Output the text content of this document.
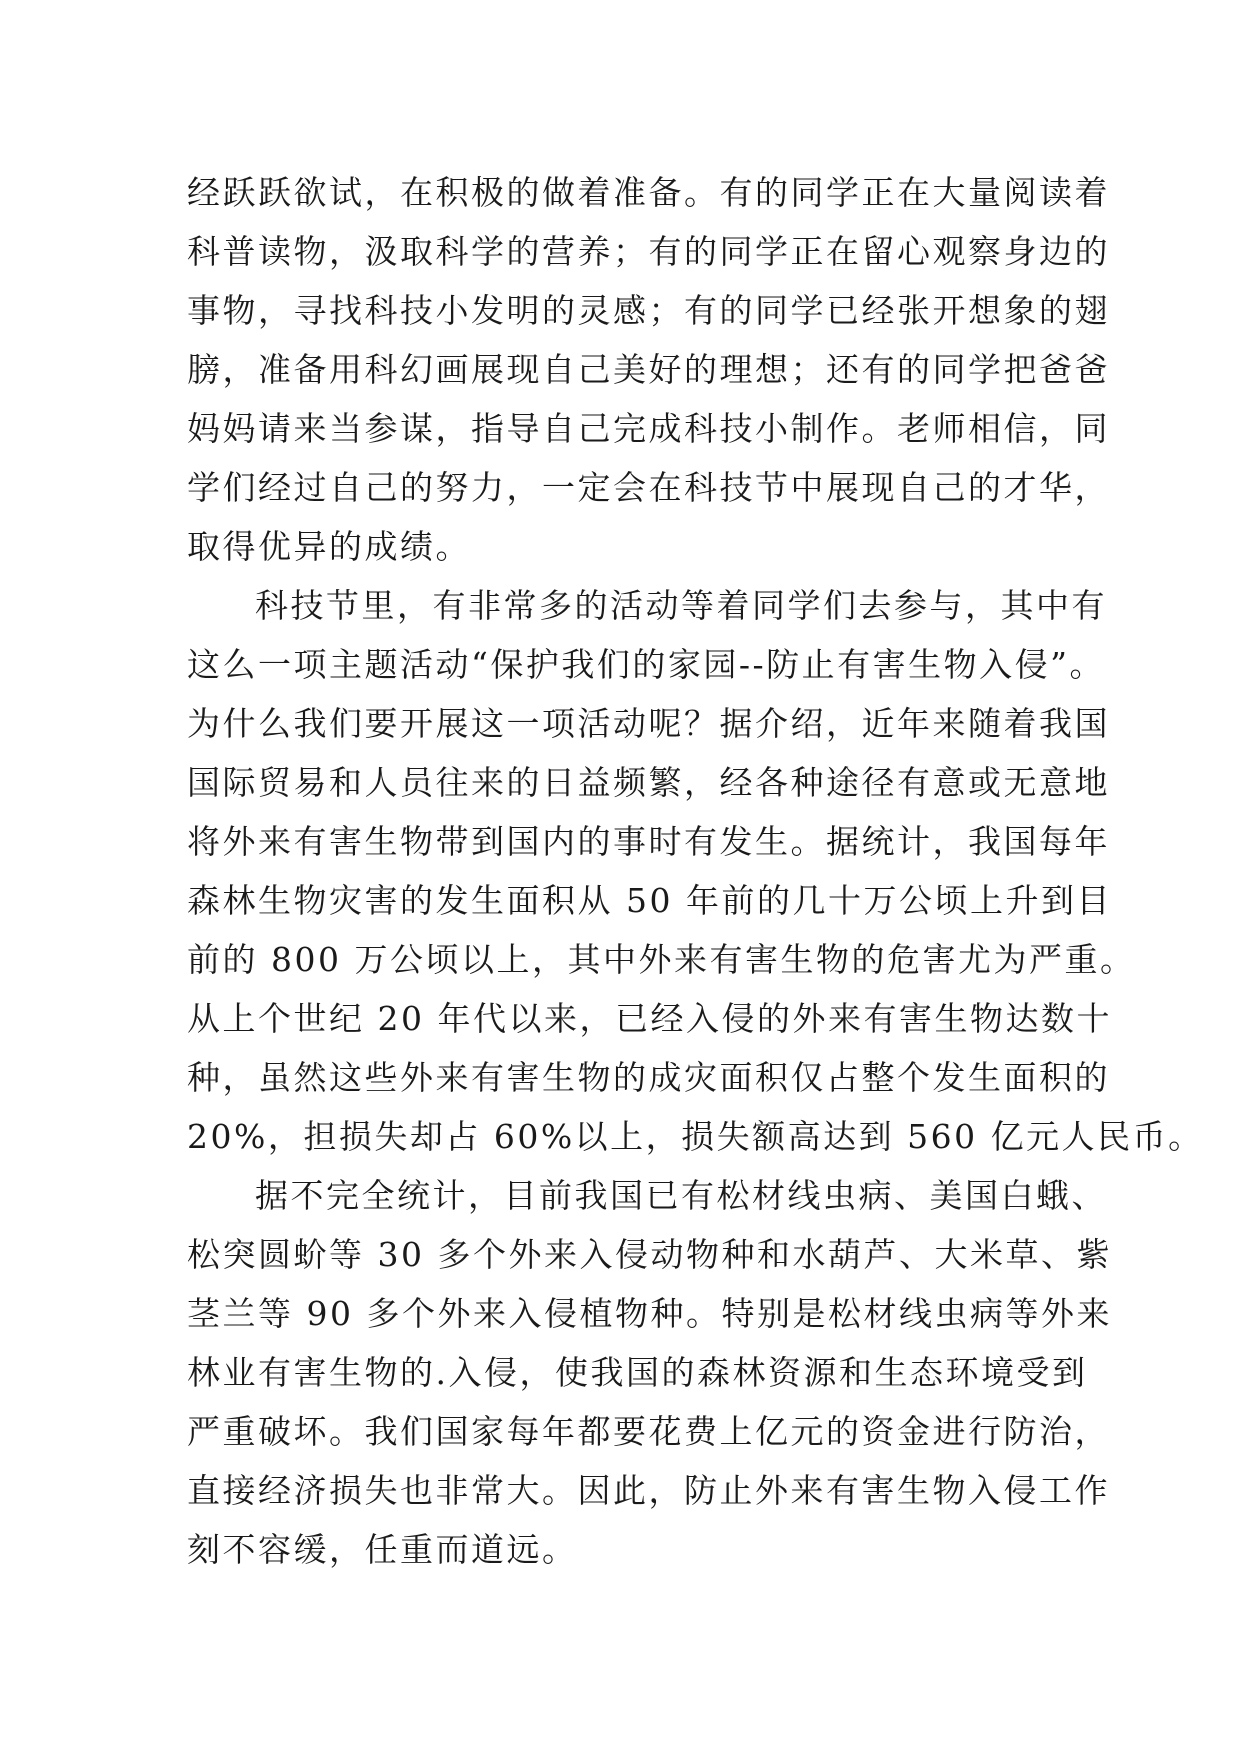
经跃跃欲试，在积极的做着准备。有的同学正在大量阅读着
科普读物，汲取科学的营养；有的同学正在留心观察身边的
事物，寻找科技小发明的灵感；有的同学已经张开想象的翅
膀，准备用科幻画展现自己美好的理想；还有的同学把爸爸
妈妈请来当参谋，指导自己完成科技小制作。老师相信，同
学们经过自己的努力，一定会在科技节中展现自己的才华，
取得优异的成绩。
科技节里，有非常多的活动等着同学们去参与，其中有
这么一项主题活动“保护我们的家园--防止有害生物入侵”。
为什么我们要开展这一项活动呢？据介绍，近年来随着我国
国际贸易和人员往来的日益频繁，经各种途径有意或无意地
将外来有害生物带到国内的事时有发生。据统计，我国每年
森林生物灾害的发生面积从 50 年前的几十万公顷上升到目
前的 800 万公顷以上，其中外来有害生物的危害尤为严重。
从上个世纪 20 年代以来，已经入侵的外来有害生物达数十
种，虽然这些外来有害生物的成灾面积仅占整个发生面积的
20%，担损失却占 60%以上，损失额高达到 560 亿元人民币。
据不完全统计，目前我国已有松材线虫病、美国白蛾、
松突圆蚧等 30 多个外来入侵动物种和水葫芦、大米草、紫
茎兰等 90 多个外来入侵植物种。特别是松材线虫病等外来
林业有害生物的.入侵，使我国的森林资源和生态环境受到
严重破坏。我们国家每年都要花费上亿元的资金进行防治，
直接经济损失也非常大。因此，防止外来有害生物入侵工作
刻不容缓，任重而道远。
